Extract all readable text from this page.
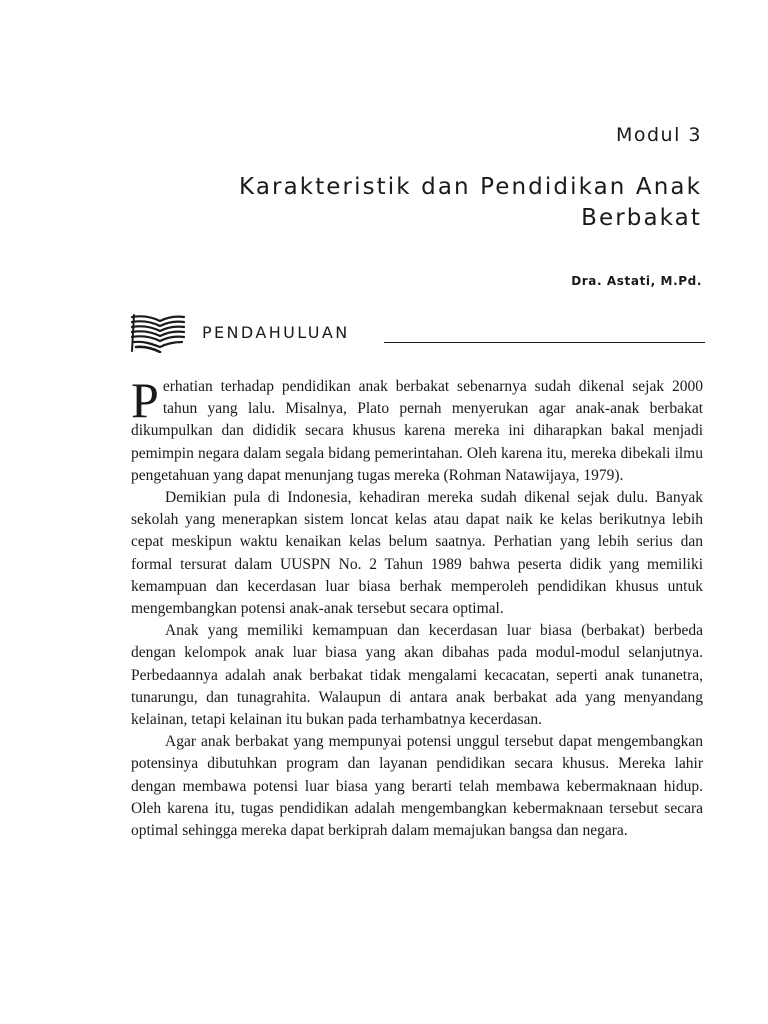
Modul 3
Karakteristik dan Pendidikan Anak
Berbakat
Dra. Astati, M.Pd.
PENDAHULUAN

Perhatian terhadap pendidikan anak berbakat sebenarnya sudah dikenal sejak 2000 tahun yang lalu. Misalnya, Plato pernah menyerukan agar anak-anak berbakat dikumpulkan dan dididik secara khusus karena mereka ini diharapkan bakal menjadi pemimpin negara dalam segala bidang pemerintahan. Oleh karena itu, mereka dibekali ilmu pengetahuan yang dapat menunjang tugas mereka (Rohman Natawijaya, 1979).

Demikian pula di Indonesia, kehadiran mereka sudah dikenal sejak dulu. Banyak sekolah yang menerapkan sistem loncat kelas atau dapat naik ke kelas berikutnya lebih cepat meskipun waktu kenaikan kelas belum saatnya. Perhatian yang lebih serius dan formal tersurat dalam UUSPN No. 2 Tahun 1989 bahwa peserta didik yang memiliki kemampuan dan kecerdasan luar biasa berhak memperoleh pendidikan khusus untuk mengembangkan potensi anak-anak tersebut secara optimal.

Anak yang memiliki kemampuan dan kecerdasan luar biasa (berbakat) berbeda dengan kelompok anak luar biasa yang akan dibahas pada modul-modul selanjutnya. Perbedaannya adalah anak berbakat tidak mengalami kecacatan, seperti anak tunanetra, tunarungu, dan tunagrahita. Walaupun di antara anak berbakat ada yang menyandang kelainan, tetapi kelainan itu bukan pada terhambatnya kecerdasan.

Agar anak berbakat yang mempunyai potensi unggul tersebut dapat mengembangkan potensinya dibutuhkan program dan layanan pendidikan secara khusus. Mereka lahir dengan membawa potensi luar biasa yang berarti telah membawa kebermaknaan hidup. Oleh karena itu, tugas pendidikan adalah mengembangkan kebermaknaan tersebut secara optimal sehingga mereka dapat berkiprah dalam memajukan bangsa dan negara.
